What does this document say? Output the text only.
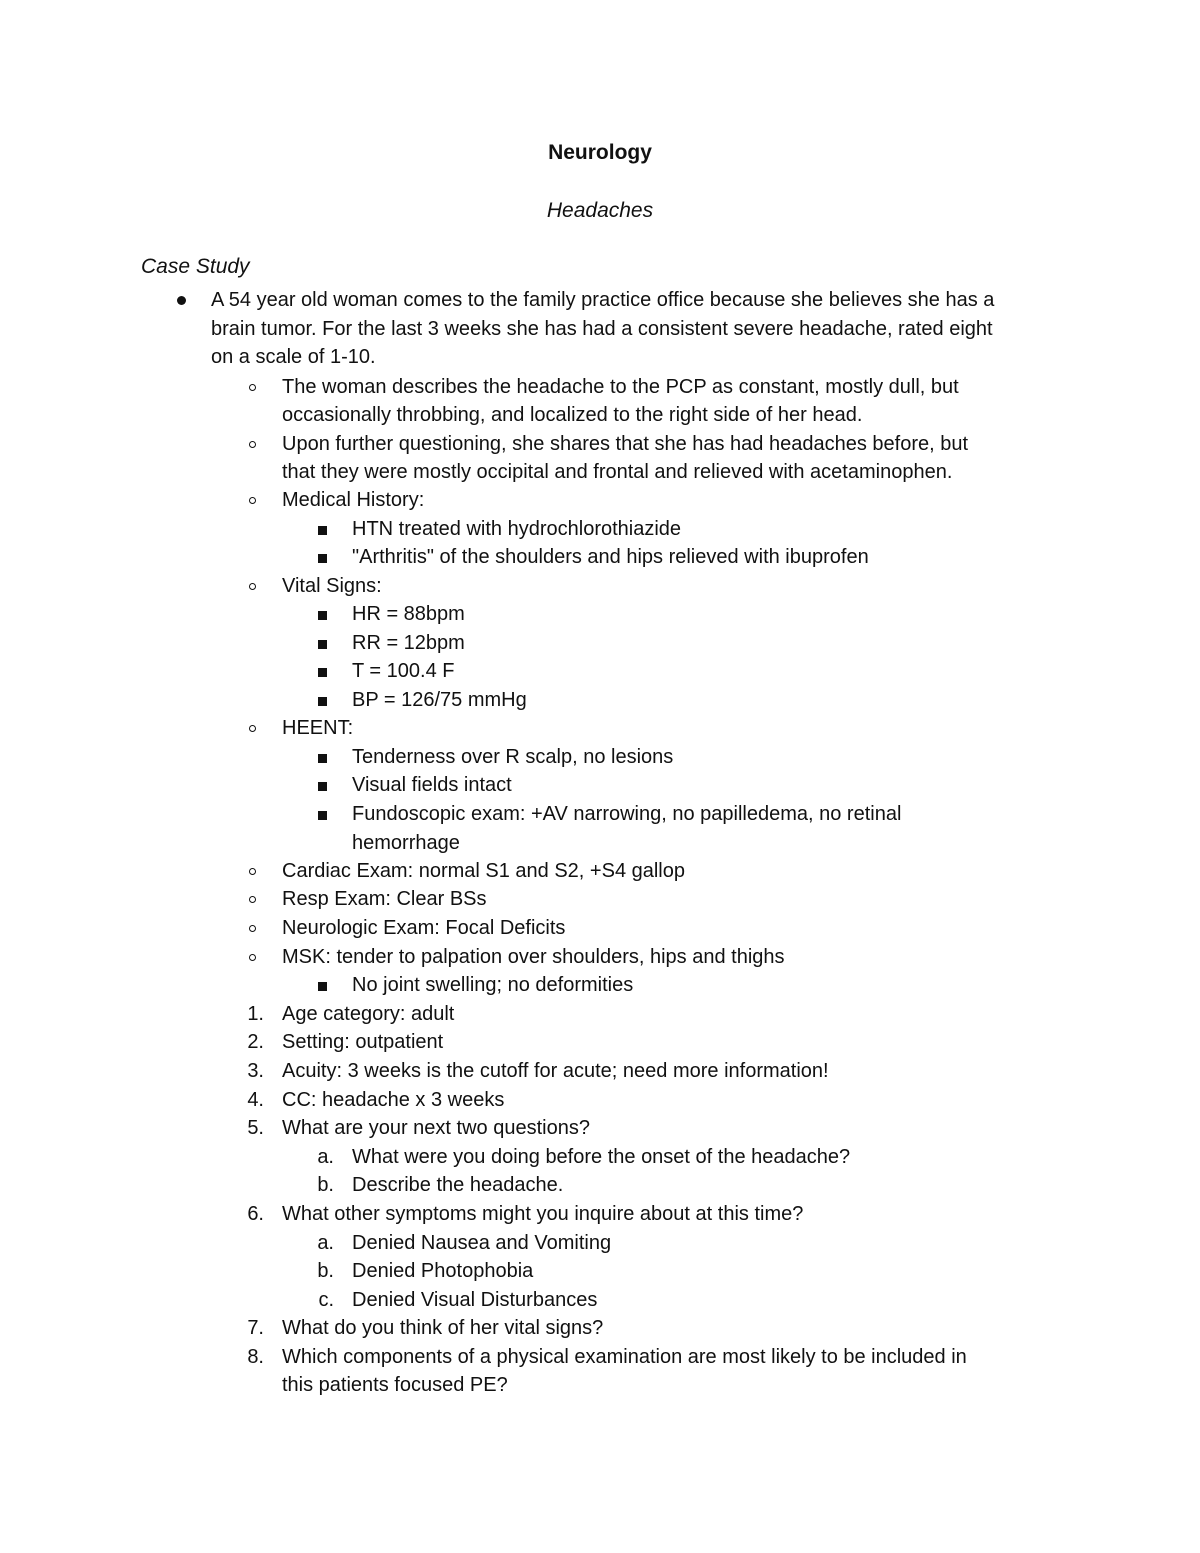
Neurology
Headaches
Case Study
A 54 year old woman comes to the family practice office because she believes she has a
brain tumor. For the last 3 weeks she has had a consistent severe headache, rated eight
on a scale of 1-10.
The woman describes the headache to the PCP as constant, mostly dull, but
occasionally throbbing, and localized to the right side of her head.
Upon further questioning, she shares that she has had headaches before, but
that they were mostly occipital and frontal and relieved with acetaminophen.
Medical History:
HTN treated with hydrochlorothiazide
"Arthritis" of the shoulders and hips relieved with ibuprofen
Vital Signs:
HR = 88bpm
RR = 12bpm
T = 100.4 F
BP = 126/75 mmHg
HEENT:
Tenderness over R scalp, no lesions
Visual fields intact
Fundoscopic exam: +AV narrowing, no papilledema, no retinal
hemorrhage
Cardiac Exam: normal S1 and S2, +S4 gallop
Resp Exam: Clear BSs
Neurologic Exam: Focal Deficits
MSK: tender to palpation over shoulders, hips and thighs
No joint swelling; no deformities
1. Age category: adult
2. Setting: outpatient
3. Acuity: 3 weeks is the cutoff for acute; need more information!
4. CC: headache x 3 weeks
5. What are your next two questions?
a. What were you doing before the onset of the headache?
b. Describe the headache.
6. What other symptoms might you inquire about at this time?
a. Denied Nausea and Vomiting
b. Denied Photophobia
c. Denied Visual Disturbances
7. What do you think of her vital signs?
8. Which components of a physical examination are most likely to be included in
this patients focused PE?
